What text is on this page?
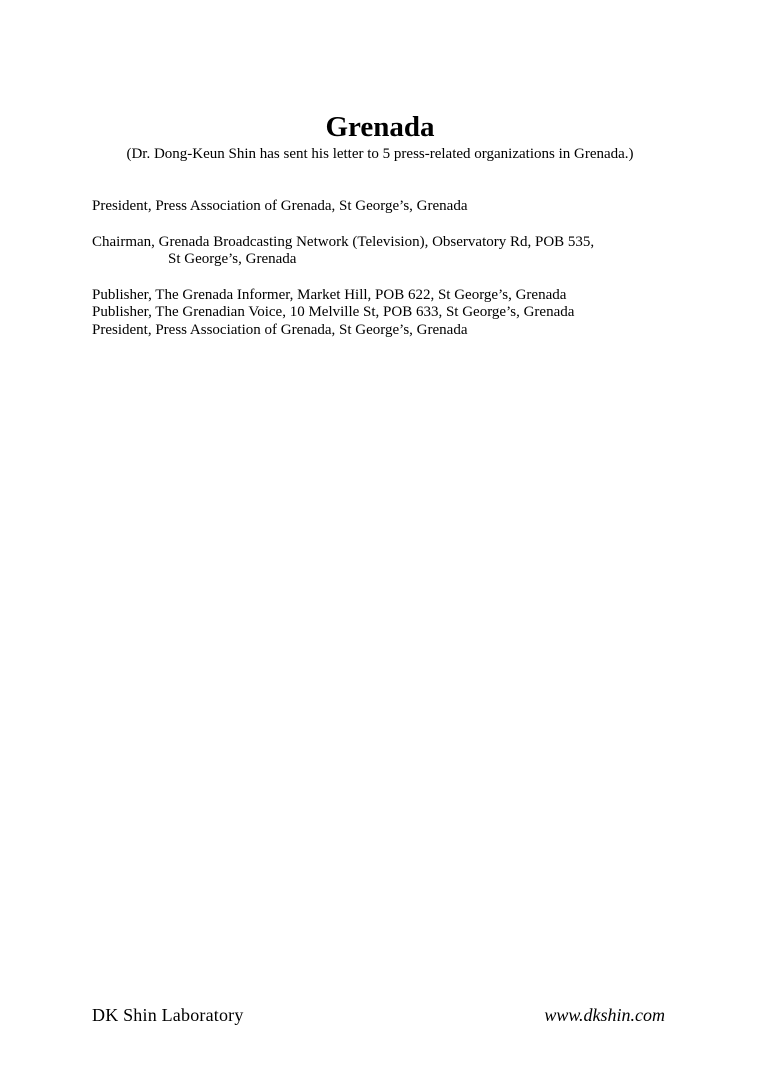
Grenada

(Dr. Dong-Keun Shin has sent his letter to 5 press-related organizations in Grenada.)

President, Press Association of Grenada, St George’s, Grenada
Chairman, Grenada Broadcasting Network (Television), Observatory Rd, POB 535,
St George’s, Grenada
Publisher, The Grenada Informer, Market Hill, POB 622, St George’s, Grenada
Publisher, The Grenadian Voice, 10 Melville St, POB 633, St George’s, Grenada
President, Press Association of Grenada, St George’s, Grenada
DK Shin Laboratory	www.dkshin.com
